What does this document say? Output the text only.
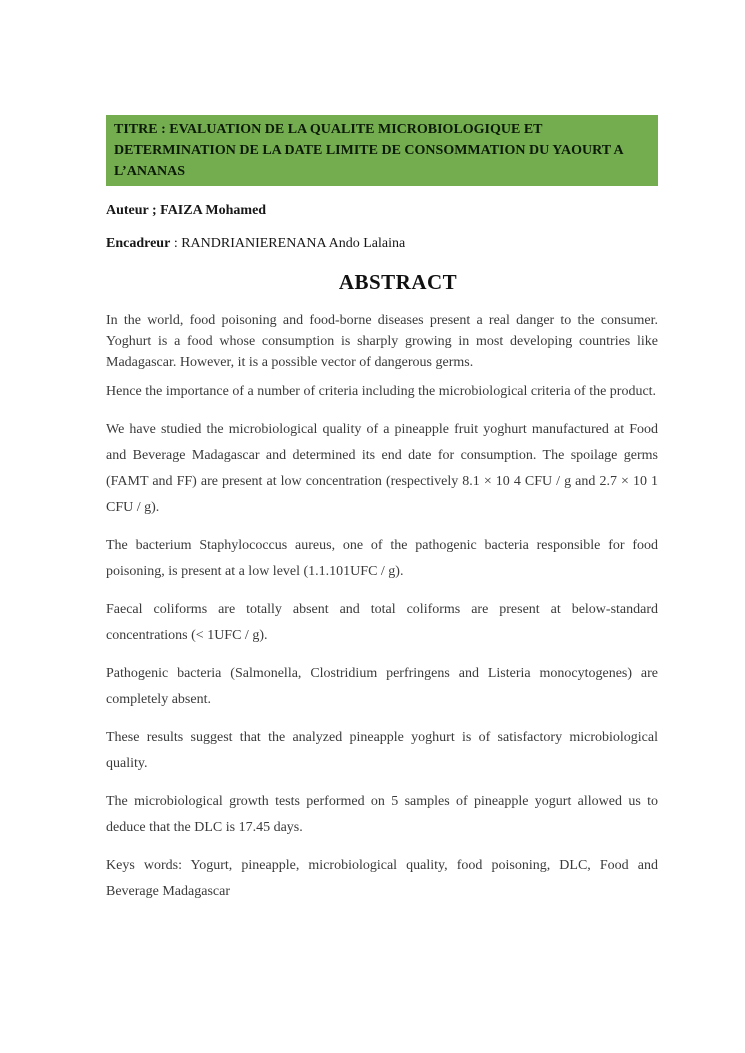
TITRE : EVALUATION DE LA QUALITE MICROBIOLOGIQUE ET DETERMINATION DE LA DATE LIMITE DE CONSOMMATION DU YAOURT A L’ANANAS

Auteur ; FAIZA Mohamed

Encadreur : RANDRIANIERENANA Ando Lalaina

ABSTRACT

In the world, food poisoning and food-borne diseases present a real danger to the consumer. Yoghurt is a food whose consumption is sharply growing in most developing countries like Madagascar. However, it is a possible vector of dangerous germs.

Hence the importance of a number of criteria including the microbiological criteria of the product.

We have studied the microbiological quality of a pineapple fruit yoghurt manufactured at Food and Beverage Madagascar and determined its end date for consumption. The spoilage germs (FAMT and FF) are present at low concentration (respectively 8.1 × 10 4 CFU / g and 2.7 × 10 1 CFU / g).

The bacterium Staphylococcus aureus, one of the pathogenic bacteria responsible for food poisoning, is present at a low level (1.1.101UFC / g).

Faecal coliforms are totally absent and total coliforms are present at below-standard concentrations (< 1UFC / g).

Pathogenic bacteria (Salmonella, Clostridium perfringens and Listeria monocytogenes) are completely absent.

These results suggest that the analyzed pineapple yoghurt is of satisfactory microbiological quality.

The microbiological growth tests performed on 5 samples of pineapple yogurt allowed us to deduce that the DLC is 17.45 days.

Keys words: Yogurt, pineapple, microbiological quality, food poisoning, DLC, Food and Beverage Madagascar
